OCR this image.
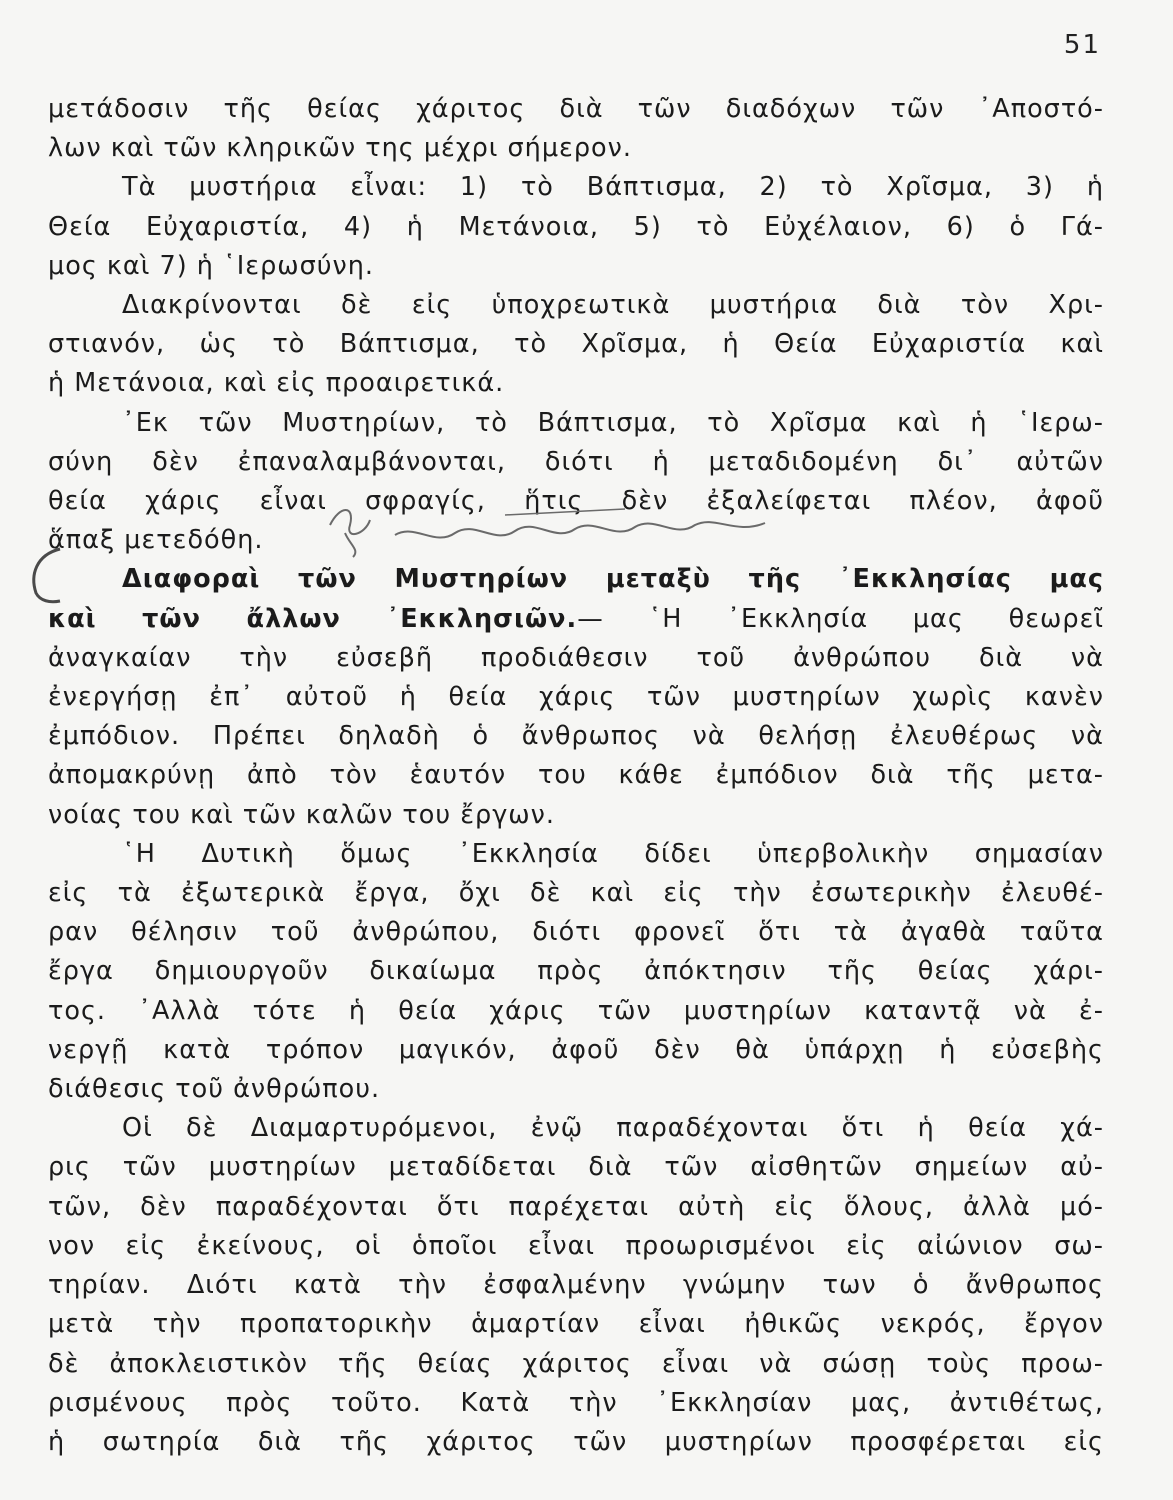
51
μετάδοσιν τῆς θείας χάριτος διὰ τῶν διαδόχων τῶν ᾿Αποστό-
λων καὶ τῶν κληρικῶν της μέχρι σήμερον.
Τὰ μυστήρια εἶναι: 1) τὸ Βάπτισμα, 2) τὸ Χρῖσμα, 3) ἡ
Θεία Εὐχαριστία, 4) ἡ Μετάνοια, 5) τὸ Εὐχέλαιον, 6) ὁ Γά-
μος καὶ 7) ἡ ῾Ιερωσύνη.
Διακρίνονται δὲ εἰς ὑποχρεωτικὰ μυστήρια διὰ τὸν Χρι-
στιανόν, ὡς τὸ Βάπτισμα, τὸ Χρῖσμα, ἡ Θεία Εὐχαριστία καὶ
ἡ Μετάνοια, καὶ εἰς προαιρετικά.
᾿Εκ τῶν Μυστηρίων, τὸ Βάπτισμα, τὸ Χρῖσμα καὶ ἡ ῾Ιερω-
σύνη δὲν ἐπαναλαμβάνονται, διότι ἡ μεταδιδομένη δι᾿ αὐτῶν
θεία χάρις εἶναι σφραγίς, ἥτις δὲν ἐξαλείφεται πλέον, ἀφοῦ
ἅπαξ μετεδόθη.
Διαφοραὶ τῶν Μυστηρίων μεταξὺ τῆς ᾿Εκκλησίας μας
καὶ τῶν ἄλλων ᾿Εκκλησιῶν.— ῾Η ᾿Εκκλησία μας θεωρεῖ
ἀναγκαίαν τὴν εὐσεβῆ προδιάθεσιν τοῦ ἀνθρώπου διὰ νὰ
ἐνεργήσῃ ἐπ᾿ αὐτοῦ ἡ θεία χάρις τῶν μυστηρίων χωρὶς κανὲν
ἐμπόδιον. Πρέπει δηλαδὴ ὁ ἄνθρωπος νὰ θελήσῃ ἐλευθέρως νὰ
ἀπομακρύνῃ ἀπὸ τὸν ἑαυτόν του κάθε ἐμπόδιον διὰ τῆς μετα-
νοίας του καὶ τῶν καλῶν του ἔργων.
῾Η Δυτικὴ ὅμως ᾿Εκκλησία δίδει ὑπερβολικὴν σημασίαν
εἰς τὰ ἐξωτερικὰ ἔργα, ὄχι δὲ καὶ εἰς τὴν ἐσωτερικὴν ἐλευθέ-
ραν θέλησιν τοῦ ἀνθρώπου, διότι φρονεῖ ὅτι τὰ ἀγαθὰ ταῦτα
ἔργα δημιουργοῦν δικαίωμα πρὸς ἀπόκτησιν τῆς θείας χάρι-
τος. ᾿Αλλὰ τότε ἡ θεία χάρις τῶν μυστηρίων καταντᾷ νὰ ἐ-
νεργῇ κατὰ τρόπον μαγικόν, ἀφοῦ δὲν θὰ ὑπάρχῃ ἡ εὐσεβὴς
διάθεσις τοῦ ἀνθρώπου.
Οἱ δὲ Διαμαρτυρόμενοι, ἐνῷ παραδέχονται ὅτι ἡ θεία χά-
ρις τῶν μυστηρίων μεταδίδεται διὰ τῶν αἰσθητῶν σημείων αὐ-
τῶν, δὲν παραδέχονται ὅτι παρέχεται αὐτὴ εἰς ὅλους, ἀλλὰ μό-
νον εἰς ἐκείνους, οἱ ὁποῖοι εἶναι προωρισμένοι εἰς αἰώνιον σω-
τηρίαν. Διότι κατὰ τὴν ἐσφαλμένην γνώμην των ὁ ἄνθρωπος
μετὰ τὴν προπατορικὴν ἁμαρτίαν εἶναι ἠθικῶς νεκρός, ἔργον
δὲ ἀποκλειστικὸν τῆς θείας χάριτος εἶναι νὰ σώσῃ τοὺς προω-
ρισμένους πρὸς τοῦτο. Κατὰ τὴν ᾿Εκκλησίαν μας, ἀντιθέτως,
ἡ σωτηρία διὰ τῆς χάριτος τῶν μυστηρίων προσφέρεται εἰς
